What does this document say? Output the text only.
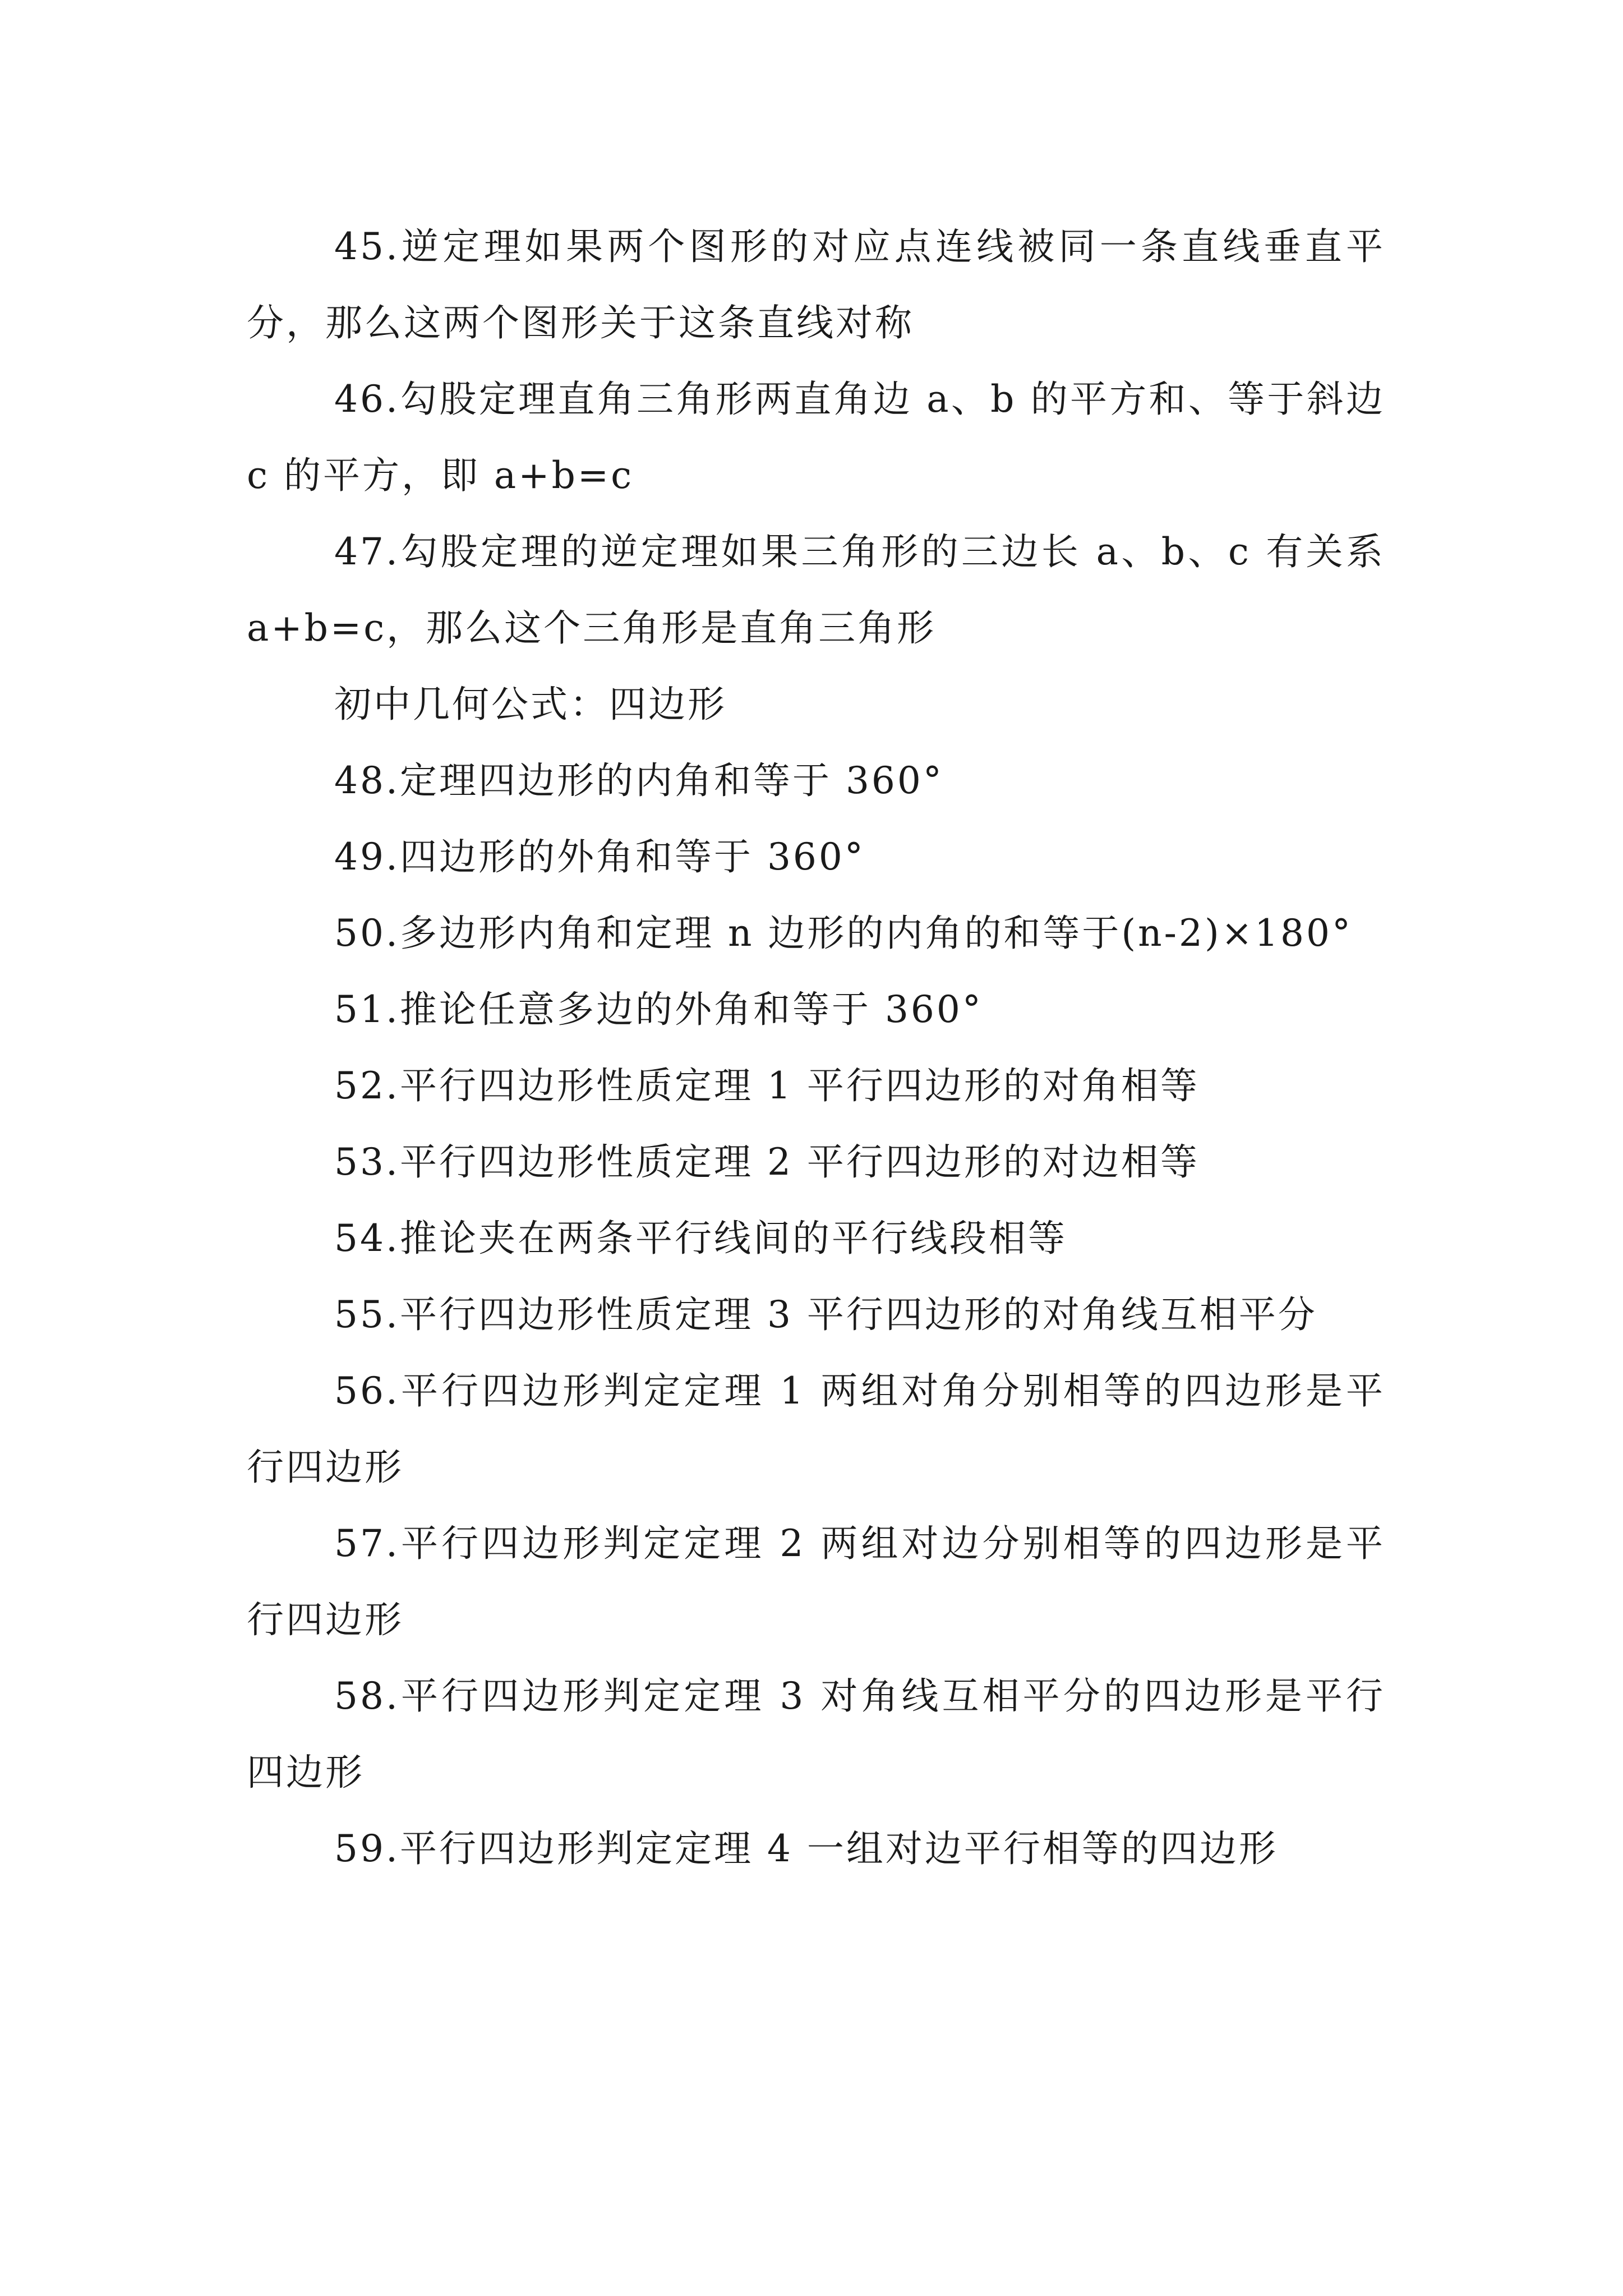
45.逆定理如果两个图形的对应点连线被同一条直线垂直平分，那么这两个图形关于这条直线对称

46.勾股定理直角三角形两直角边 a、b 的平方和、等于斜边 c 的平方，即 a+b=c

47.勾股定理的逆定理如果三角形的三边长 a、b、c 有关系 a+b=c，那么这个三角形是直角三角形

初中几何公式：四边形

48.定理四边形的内角和等于 360°

49.四边形的外角和等于 360°

50.多边形内角和定理 n 边形的内角的和等于(n-2)×180°

51.推论任意多边的外角和等于 360°

52.平行四边形性质定理 1 平行四边形的对角相等

53.平行四边形性质定理 2 平行四边形的对边相等

54.推论夹在两条平行线间的平行线段相等

55.平行四边形性质定理 3 平行四边形的对角线互相平分

56.平行四边形判定定理 1 两组对角分别相等的四边形是平行四边形

57.平行四边形判定定理 2 两组对边分别相等的四边形是平行四边形

58.平行四边形判定定理 3 对角线互相平分的四边形是平行四边形

59.平行四边形判定定理 4 一组对边平行相等的四边形
